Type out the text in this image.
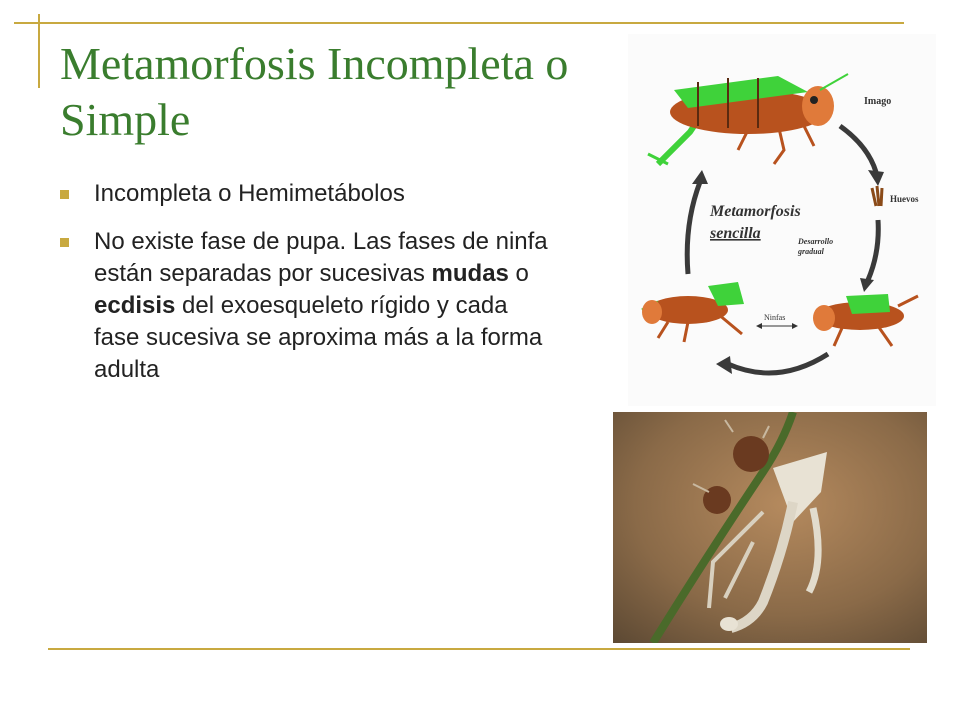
Metamorfosis Incompleta o Simple
Incompleta o Hemimetábolos
No existe fase de pupa. Las fases de ninfa están separadas por sucesivas mudas o ecdisis del exoesqueleto rígido y cada fase sucesiva se aproxima más a la forma adulta
Imago
Huevos
Metamorfosis
sencilla	Desarrollo
gradual
Ninfas
